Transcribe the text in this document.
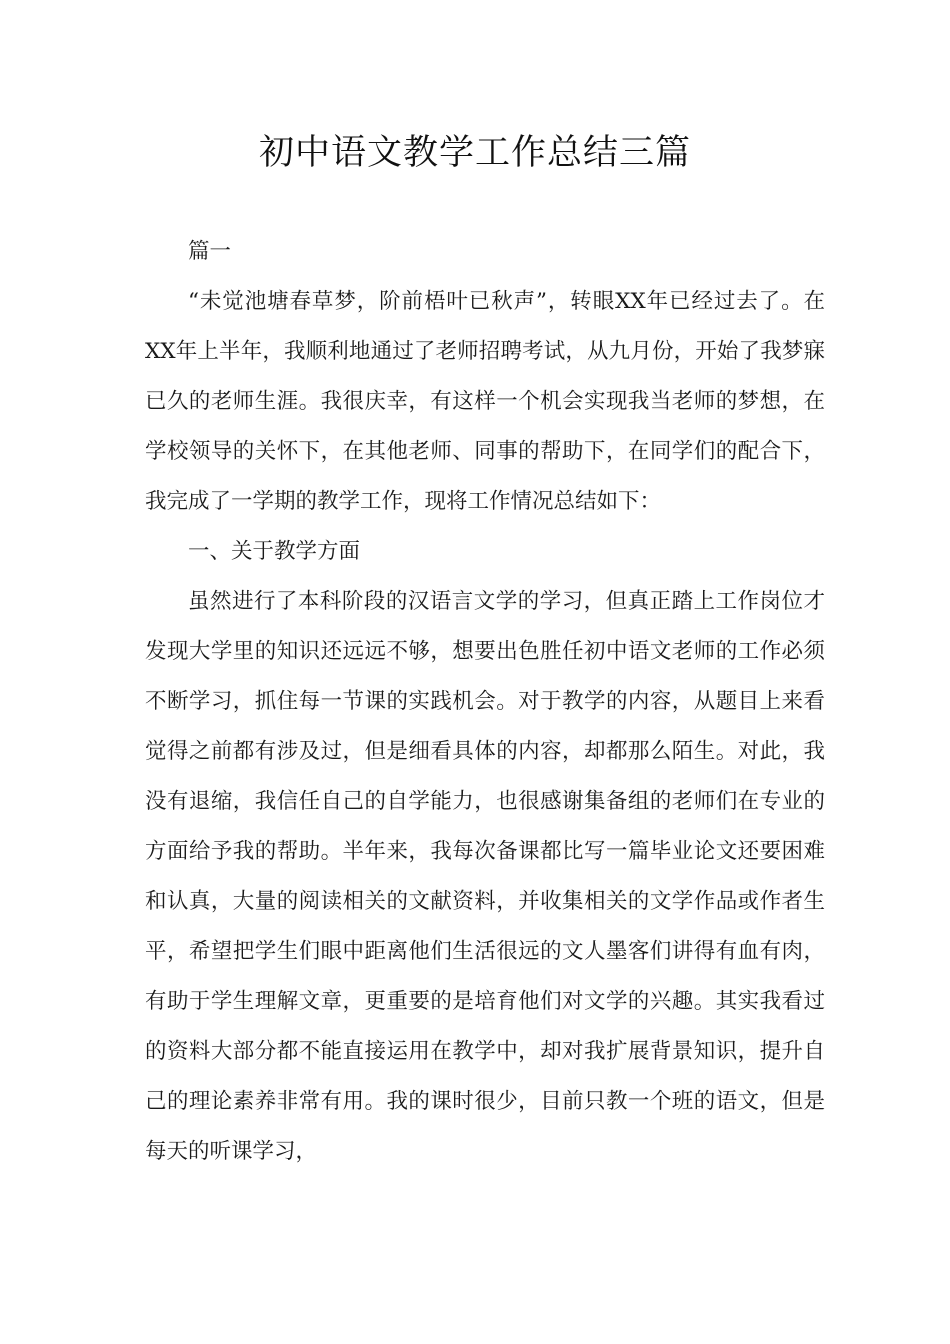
初中语文教学工作总结三篇

篇一

“未觉池塘春草梦，阶前梧叶已秋声”，转眼XX年已经过去了。在XX年上半年，我顺利地通过了老师招聘考试，从九月份，开始了我梦寐已久的老师生涯。我很庆幸，有这样一个机会实现我当老师的梦想，在学校领导的关怀下，在其他老师、同事的帮助下，在同学们的配合下，我完成了一学期的教学工作，现将工作情况总结如下：

一、关于教学方面

虽然进行了本科阶段的汉语言文学的学习，但真正踏上工作岗位才发现大学里的知识还远远不够，想要出色胜任初中语文老师的工作必须不断学习，抓住每一节课的实践机会。对于教学的内容，从题目上来看觉得之前都有涉及过，但是细看具体的内容，却都那么陌生。对此，我没有退缩，我信任自己的自学能力，也很感谢集备组的老师们在专业的方面给予我的帮助。半年来，我每次备课都比写一篇毕业论文还要困难和认真，大量的阅读相关的文献资料，并收集相关的文学作品或作者生平，希望把学生们眼中距离他们生活很远的文人墨客们讲得有血有肉，有助于学生理解文章，更重要的是培育他们对文学的兴趣。其实我看过的资料大部分都不能直接运用在教学中，却对我扩展背景知识，提升自己的理论素养非常有用。我的课时很少，目前只教一个班的语文，但是每天的听课学习，
